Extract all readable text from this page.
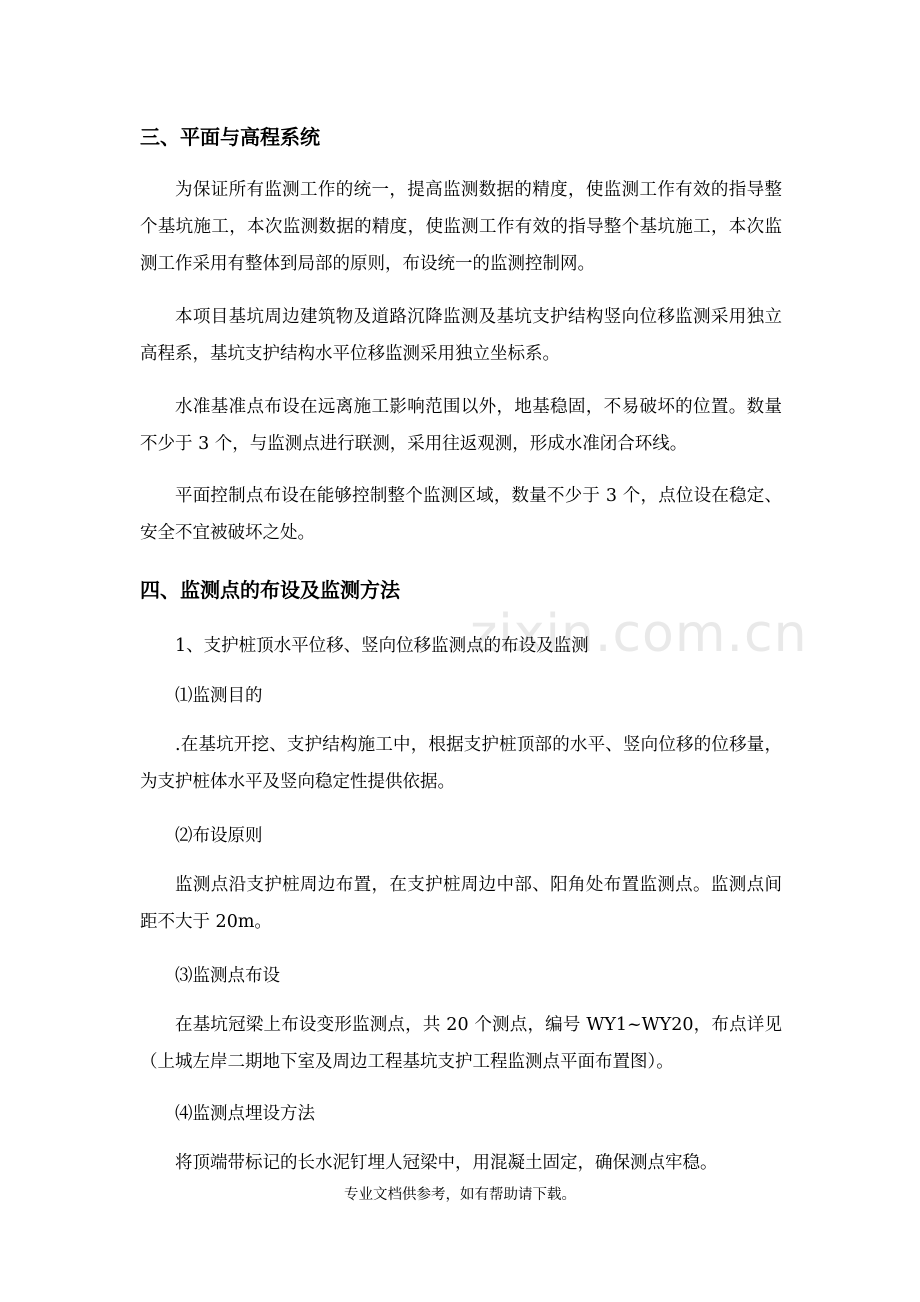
zixin.com.cn
三、平面与高程系统

为保证所有监测工作的统一，提高监测数据的精度，使监测工作有效的指导整个基坑施工，本次监测数据的精度，使监测工作有效的指导整个基坑施工，本次监测工作采用有整体到局部的原则，布设统一的监测控制网。

本项目基坑周边建筑物及道路沉降监测及基坑支护结构竖向位移监测采用独立高程系，基坑支护结构水平位移监测采用独立坐标系。

水准基准点布设在远离施工影响范围以外，地基稳固，不易破坏的位置。数量不少于 3 个，与监测点进行联测，采用往返观测，形成水准闭合环线。

平面控制点布设在能够控制整个监测区域，数量不少于 3 个，点位设在稳定、安全不宜被破坏之处。

四、监测点的布设及监测方法

1、支护桩顶水平位移、竖向位移监测点的布设及监测

⑴监测目的

.在基坑开挖、支护结构施工中，根据支护桩顶部的水平、竖向位移的位移量，为支护桩体水平及竖向稳定性提供依据。

⑵布设原则

监测点沿支护桩周边布置，在支护桩周边中部、阳角处布置监测点。监测点间距不大于 20m。

⑶监测点布设

在基坑冠梁上布设变形监测点，共 20 个测点，编号 WY1~WY20，布点详见（上城左岸二期地下室及周边工程基坑支护工程监测点平面布置图）。

⑷监测点埋设方法

将顶端带标记的长水泥钉埋人冠梁中，用混凝土固定，确保测点牢稳。

专业文档供参考，如有帮助请下载。
